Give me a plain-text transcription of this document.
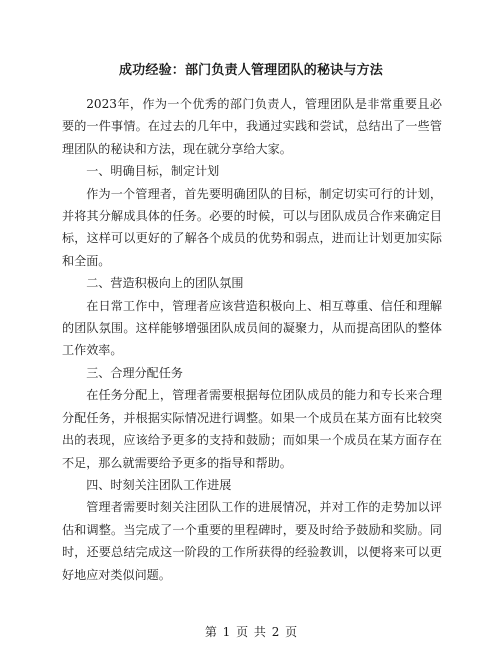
成功经验：部门负责人管理团队的秘诀与方法

2023年，作为一个优秀的部门负责人，管理团队是非常重要且必要的一件事情。在过去的几年中，我通过实践和尝试，总结出了一些管理团队的秘诀和方法，现在就分享给大家。

一、明确目标，制定计划

作为一个管理者，首先要明确团队的目标，制定切实可行的计划，并将其分解成具体的任务。必要的时候，可以与团队成员合作来确定目标，这样可以更好的了解各个成员的优势和弱点，进而让计划更加实际和全面。

二、营造积极向上的团队氛围

在日常工作中，管理者应该营造积极向上、相互尊重、信任和理解的团队氛围。这样能够增强团队成员间的凝聚力，从而提高团队的整体工作效率。

三、合理分配任务

在任务分配上，管理者需要根据每位团队成员的能力和专长来合理分配任务，并根据实际情况进行调整。如果一个成员在某方面有比较突出的表现，应该给予更多的支持和鼓励；而如果一个成员在某方面存在不足，那么就需要给予更多的指导和帮助。

四、时刻关注团队工作进展

管理者需要时刻关注团队工作的进展情况，并对工作的走势加以评估和调整。当完成了一个重要的里程碑时，要及时给予鼓励和奖励。同时，还要总结完成这一阶段的工作所获得的经验教训，以便将来可以更好地应对类似问题。

第 1 页 共 2 页
